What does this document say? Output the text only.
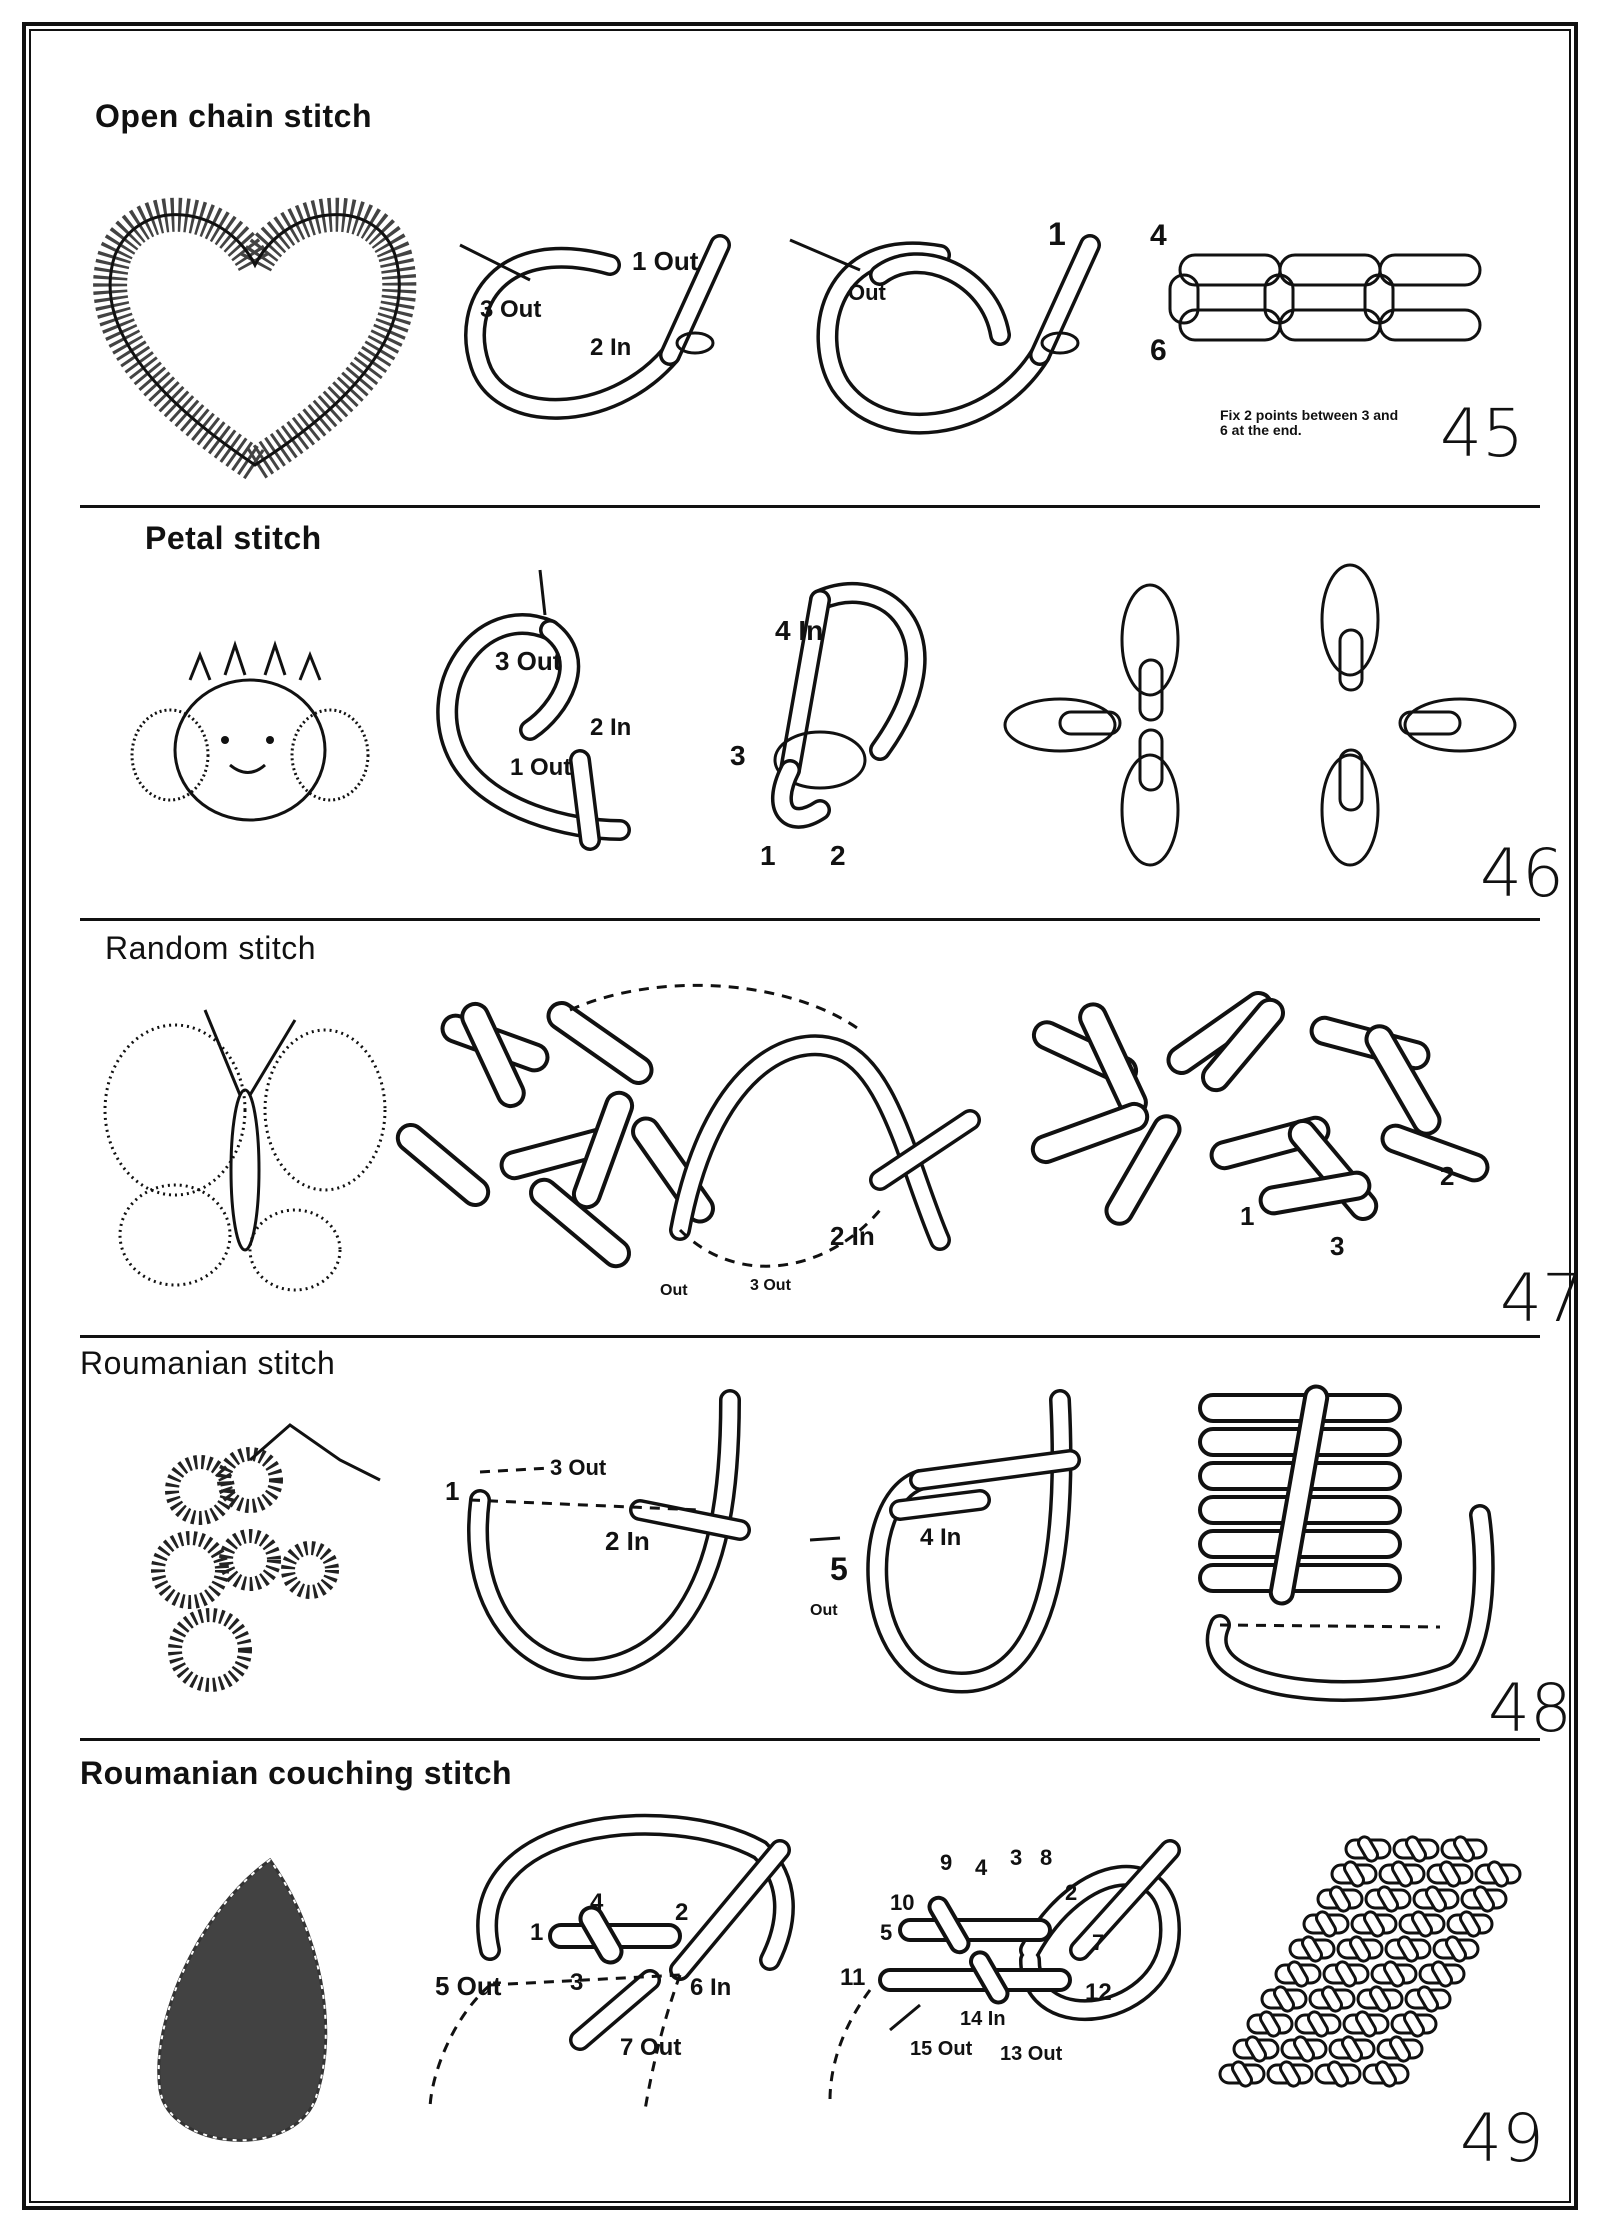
Open chain stitch
1 Out
3 Out
2 In
Out
1	4
6
Fix 2 points between 3 and 6 at the end.	45
Petal stitch
3 Out
2 In
1 Out
4 In
3
1 2	46
Random stitch
2 In
Out	3 Out
1
2
3
47
Roumanian stitch
1
3 Out
2 In	4 In
5
Out
48
Roumanian couching stitch
1
4	2
3
5 Out	6 In
7 Out
9 4 3 8
10
5
2
7
11
12
14 In
15 Out 13 Out
49
